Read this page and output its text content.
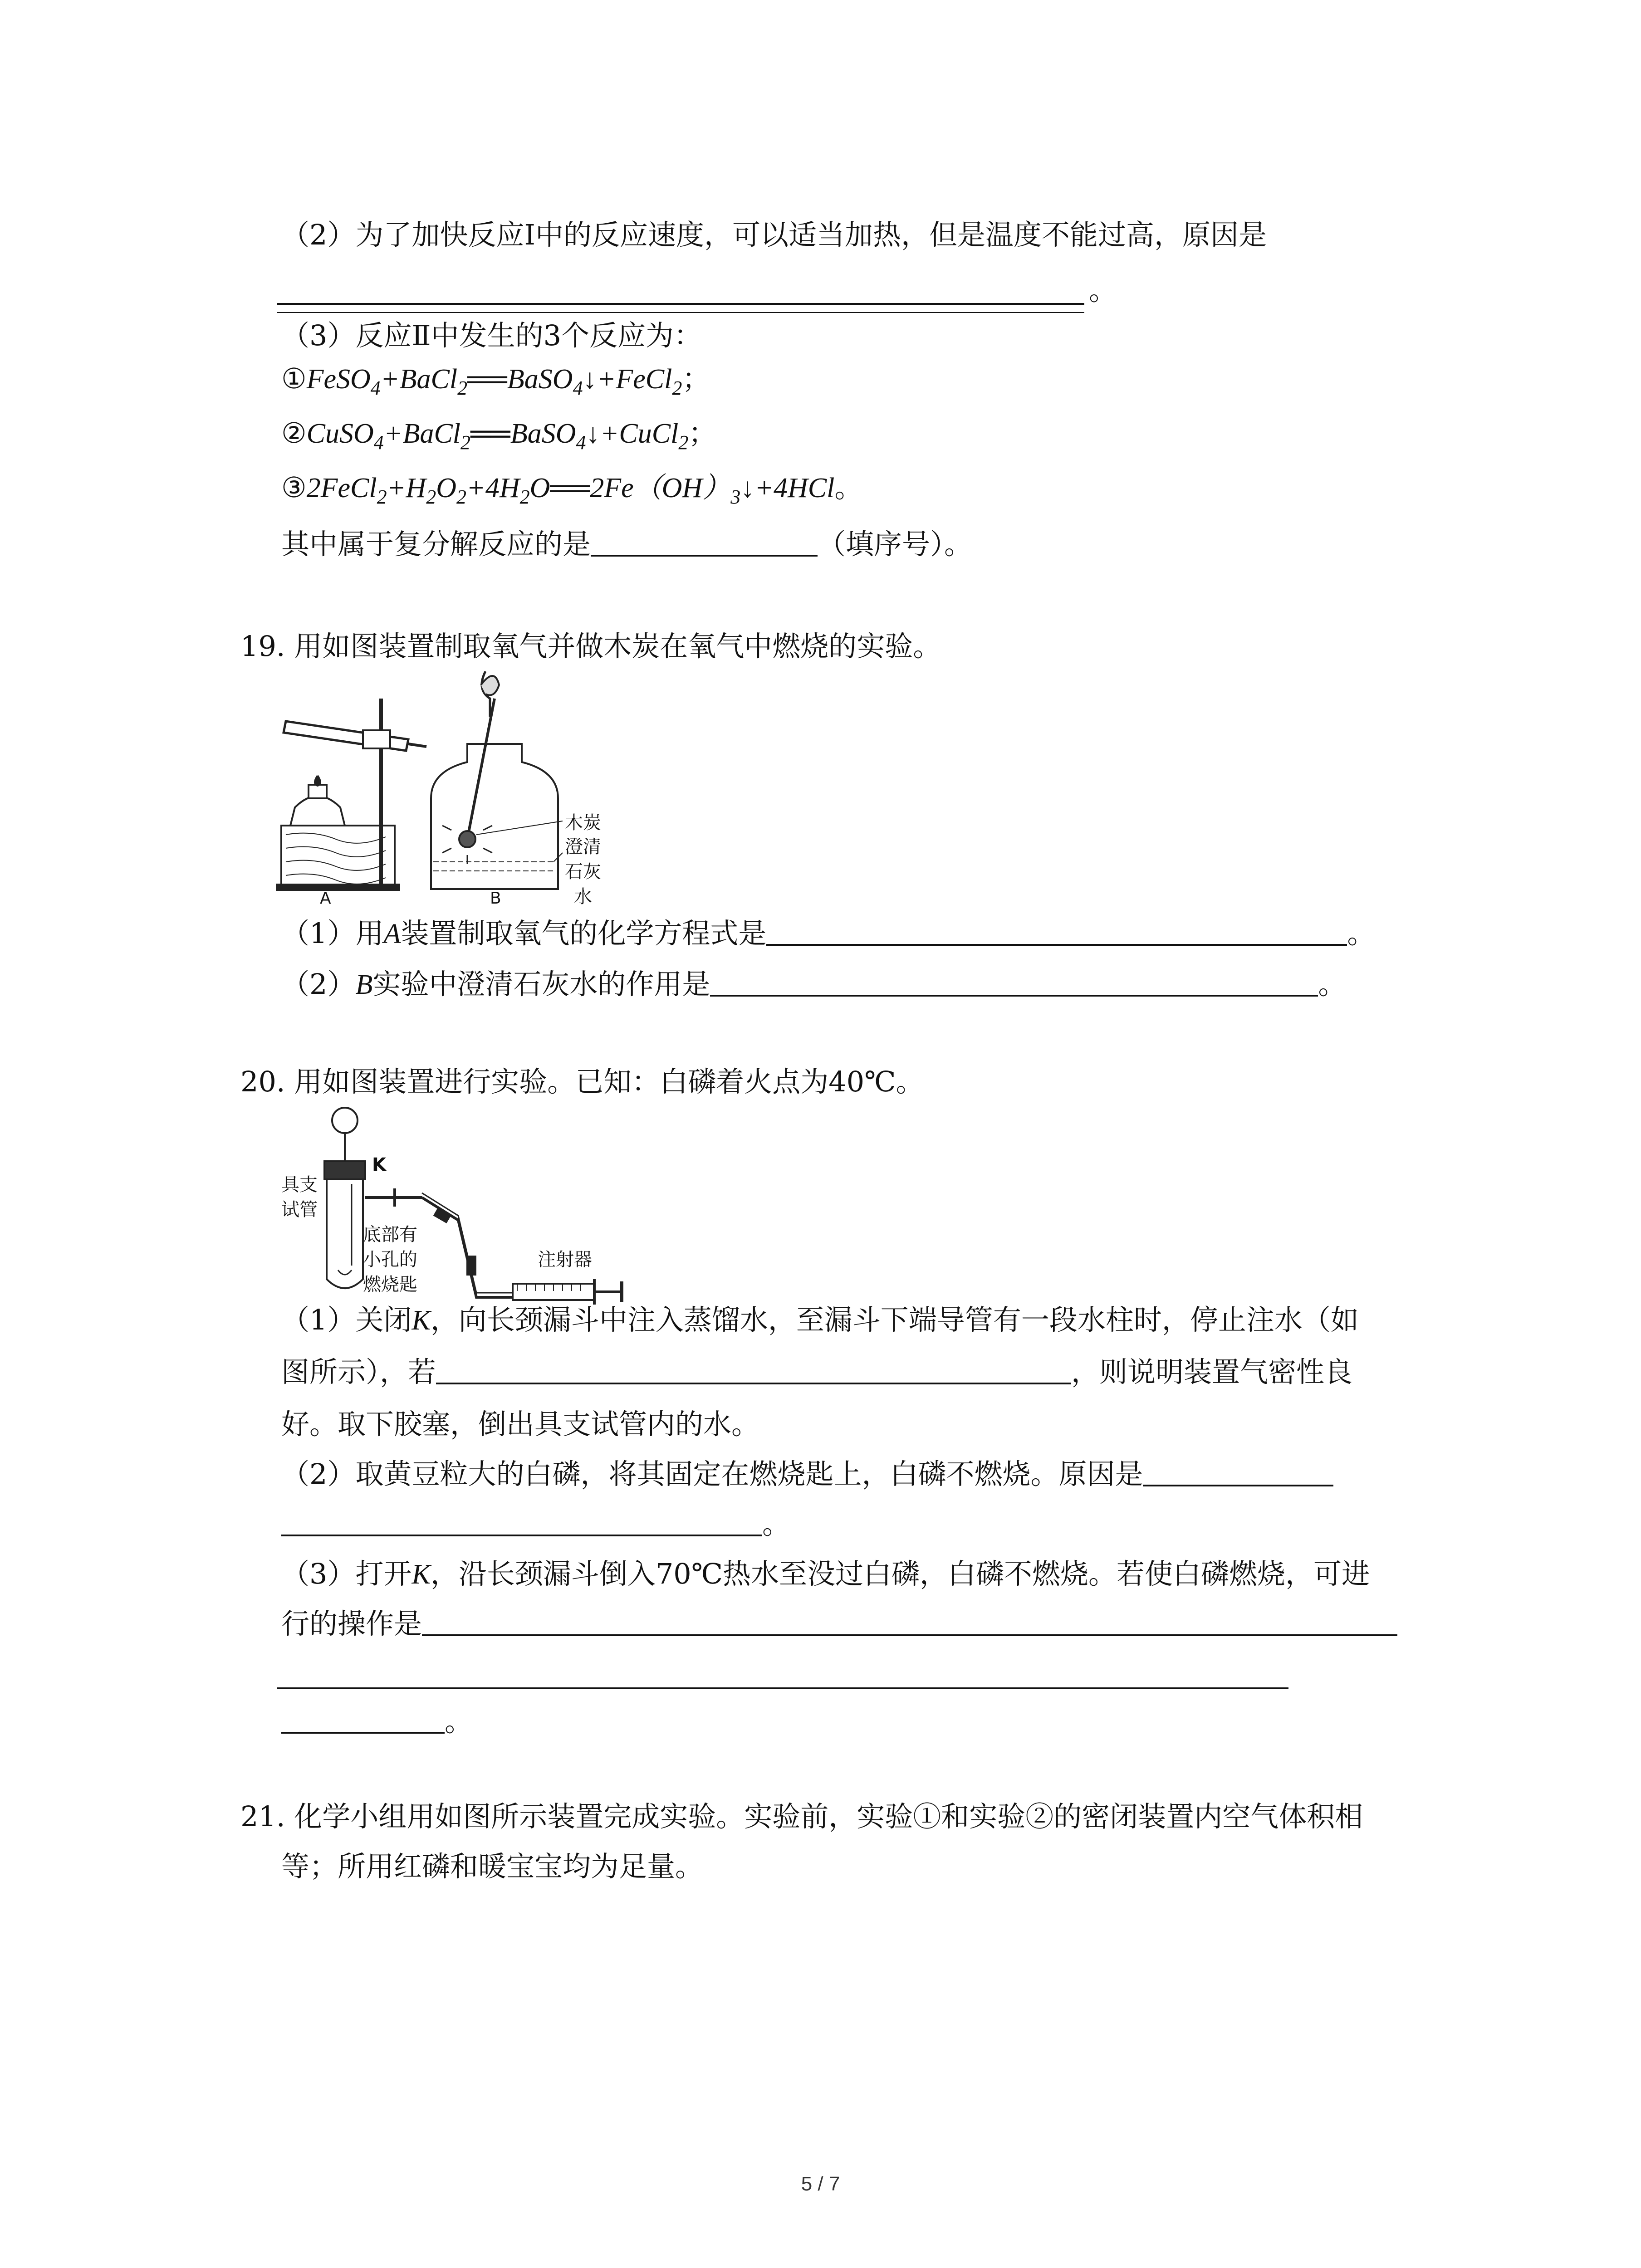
（2）为了加快反应Ⅰ中的反应速度，可以适当加热，但是温度不能过高，原因是
。
（3）反应Ⅱ中发生的3个反应为：
①FeSO$_4$+BaCl$_2$══BaSO$_4$↓+FeCl$_2$；
②CuSO$_4$+BaCl$_2$══BaSO$_4$↓+CuCl$_2$；
$③2FeCl_2+H_2O_2+4H_2O══2Fe(OH)_3↓+4HCl$。
其中属于复分解反应的是	（填序号）。
19. 用如图装置制取氧气并做木炭在氧气中燃烧的实验。
A	B
木炭
澄清
石灰
水
（1）用A装置制取氧气的化学方程式是	。
（2）B实验中澄清石灰水的作用是	。
20. 用如图装置进行实验。已知：白磷着火点为40℃。
K
具支
试管
底部有
小孔的
燃烧匙
注射器
（1）关闭K，向长颈漏斗中注入蒸馏水，至漏斗下端导管有一段水柱时，停止注水（如
图所示），若	，则说明装置气密性良
好。取下胶塞，倒出具支试管内的水。
（2）取黄豆粒大的白磷，将其固定在燃烧匙上，白磷不燃烧。原因是
。
（3）打开K，沿长颈漏斗倒入70℃热水至没过白磷，白磷不燃烧。若使白磷燃烧，可进
行的操作是
。
21. 化学小组用如图所示装置完成实验。实验前，实验①和实验②的密闭装置内空气体积相
等；所用红磷和暖宝宝均为足量。
5 / 7
